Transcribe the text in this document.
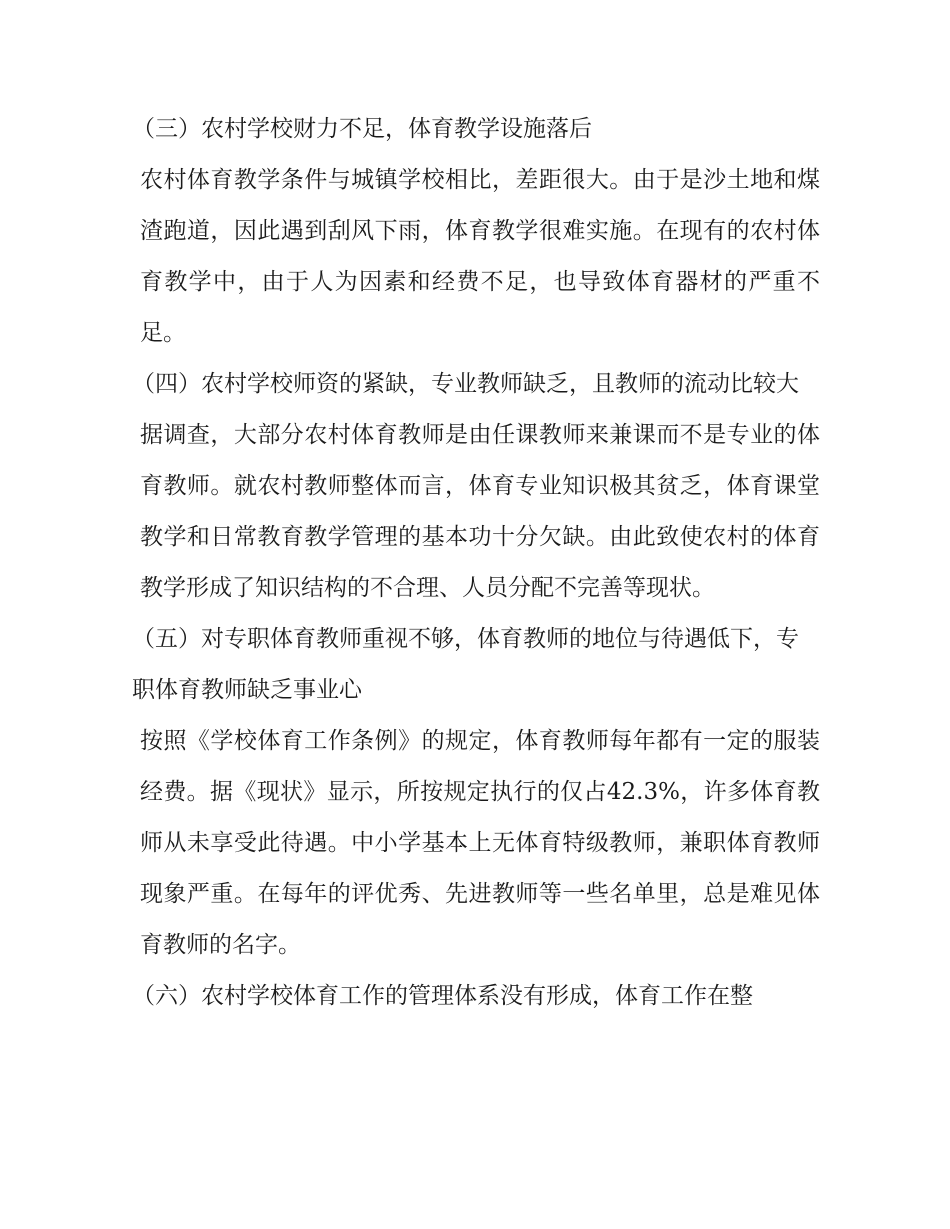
（三）农村学校财力不足，体育教学设施落后

农村体育教学条件与城镇学校相比，差距很大。由于是沙土地和煤渣跑道，因此遇到刮风下雨，体育教学很难实施。在现有的农村体育教学中，由于人为因素和经费不足，也导致体育器材的严重不足。

（四）农村学校师资的紧缺，专业教师缺乏，且教师的流动比较大

据调查，大部分农村体育教师是由任课教师来兼课而不是专业的体育教师。就农村教师整体而言，体育专业知识极其贫乏，体育课堂教学和日常教育教学管理的基本功十分欠缺。由此致使农村的体育教学形成了知识结构的不合理、人员分配不完善等现状。

（五）对专职体育教师重视不够，体育教师的地位与待遇低下，专职体育教师缺乏事业心

按照《学校体育工作条例》的规定，体育教师每年都有一定的服装经费。据《现状》显示，所按规定执行的仅占42.3%，许多体育教师从未享受此待遇。中小学基本上无体育特级教师，兼职体育教师现象严重。在每年的评优秀、先进教师等一些名单里，总是难见体育教师的名字。

（六）农村学校体育工作的管理体系没有形成，体育工作在整
